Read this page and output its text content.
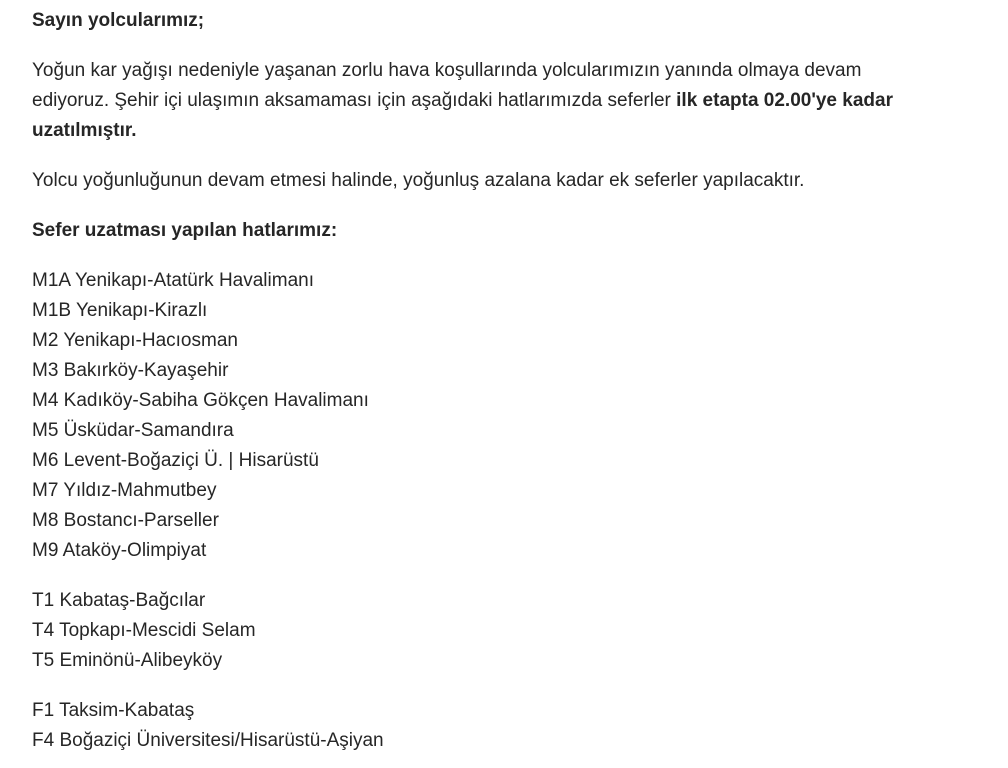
Sayın yolcularımız;
Yoğun kar yağışı nedeniyle yaşanan zorlu hava koşullarında yolcularımızın yanında olmaya devam
ediyoruz. Şehir içi ulaşımın aksamaması için aşağıdaki hatlarımızda seferler ilk etapta 02.00'ye kadar
uzatılmıştır.
Yolcu yoğunluğunun devam etmesi halinde, yoğunluş azalana kadar ek seferler yapılacaktır.
Sefer uzatması yapılan hatlarımız:
M1A Yenikapı-Atatürk Havalimanı
M1B Yenikapı-Kirazlı
M2 Yenikapı-Hacıosman
M3 Bakırköy-Kayaşehir
M4 Kadıköy-Sabiha Gökçen Havalimanı
M5 Üsküdar-Samandıra
M6 Levent-Boğaziçi Ü. | Hisarüstü
M7 Yıldız-Mahmutbey
M8 Bostancı-Parseller
M9 Ataköy-Olimpiyat
T1 Kabataş-Bağcılar
T4 Topkapı-Mescidi Selam
T5 Eminönü-Alibeyköy
F1 Taksim-Kabataş
F4 Boğaziçi Üniversitesi/Hisarüstü-Aşiyan
